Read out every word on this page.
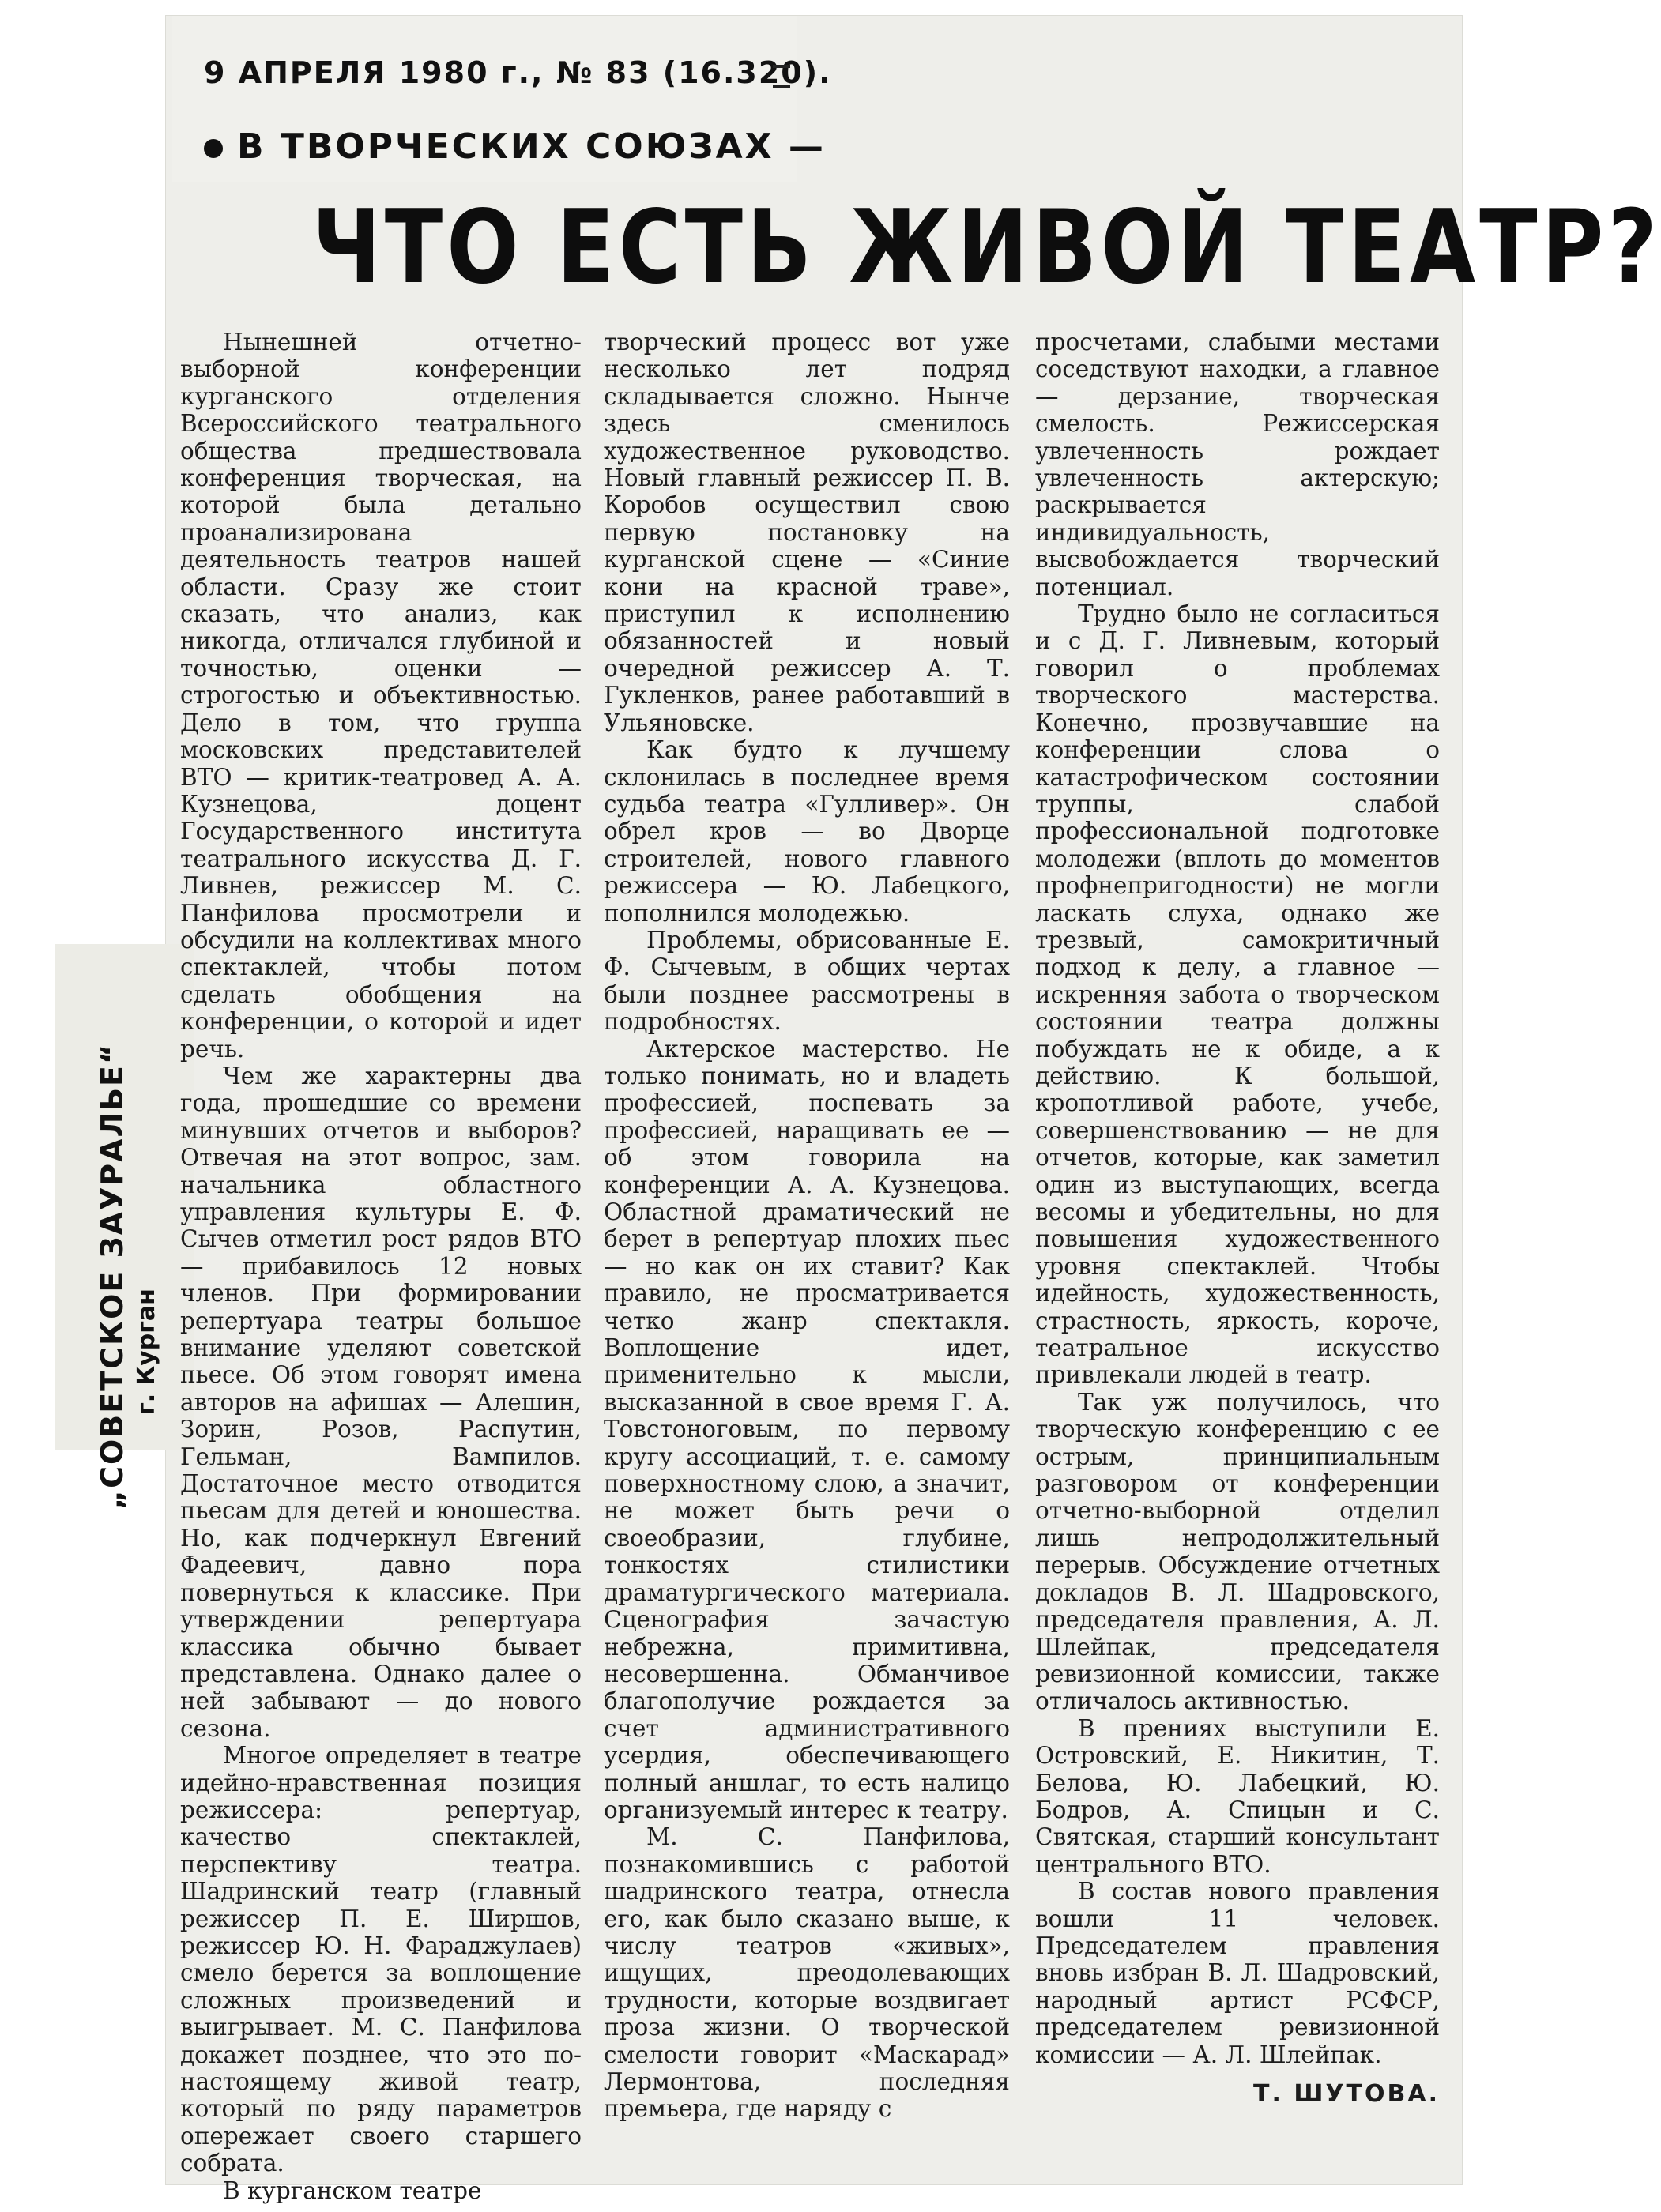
9 АПРЕЛЯ 1980 г., № 83 (16.320).
В ТВОРЧЕСКИХ СОЮЗАХ —
ЧТО ЕСТЬ ЖИВОЙ ТЕАТР?
„СОВЕТСКОЕ ЗАУРАЛЬЕ“ г. Курган

Нынешней отчетно-выборной конференции курганского отделения Всероссийского театрального общества предшествовала конференция творческая, на которой была детально проанализирована деятельность театров нашей области. Сразу же стоит сказать, что анализ, как никогда, отличался глубиной и точностью, оценки — строгостью и объективностью. Дело в том, что группа московских представителей ВТО — критик-театровед А. А. Кузнецова, доцент Государственного института театрального искусства Д. Г. Ливнев, режиссер М. С. Панфилова просмотрели и обсудили на коллективах много спектаклей, чтобы потом сделать обобщения на конференции, о которой и идет речь.

Чем же характерны два года, прошедшие со времени минувших отчетов и выборов? Отвечая на этот вопрос, зам. начальника областного управления культуры Е. Ф. Сычев отметил рост рядов ВТО — прибавилось 12 новых членов. При формировании репертуара театры большое внимание уделяют советской пьесе. Об этом говорят имена авторов на афишах — Алешин, Зорин, Розов, Распутин, Гельман, Вампилов. Достаточное место отводится пьесам для детей и юношества. Но, как подчеркнул Евгений Фадеевич, давно пора повернуться к классике. При утверждении репертуара классика обычно бывает представлена. Однако далее о ней забывают — до нового сезона.

Многое определяет в театре идейно-нравственная позиция режиссера: репертуар, качество спектаклей, перспективу театра. Шадринский театр (главный режиссер П. Е. Ширшов, режиссер Ю. Н. Фараджулаев) смело берется за воплощение сложных произведений и выигрывает. М. С. Панфилова докажет позднее, что это по-настоящему живой театр, который по ряду параметров опережает своего старшего собрата.

В курганском театре

творческий процесс вот уже несколько лет подряд складывается сложно. Нынче здесь сменилось художественное руководство. Новый главный режиссер П. В. Коробов осуществил свою первую постановку на курганской сцене — «Синие кони на красной траве», приступил к исполнению обязанностей и новый очередной режиссер А. Т. Гукленков, ранее работавший в Ульяновске.

Как будто к лучшему склонилась в последнее время судьба театра «Гулливер». Он обрел кров — во Дворце строителей, нового главного режиссера — Ю. Лабецкого, пополнился молодежью.

Проблемы, обрисованные Е. Ф. Сычевым, в общих чертах были позднее рассмотрены в подробностях.

Актерское мастерство. Не только понимать, но и владеть профессией, поспевать за профессией, наращивать ее — об этом говорила на конференции А. А. Кузнецова. Областной драматический не берет в репертуар плохих пьес — но как он их ставит? Как правило, не просматривается четко жанр спектакля. Воплощение идет, применительно к мысли, высказанной в свое время Г. А. Товстоноговым, по первому кругу ассоциаций, т. е. самому поверхностному слою, а значит, не может быть речи о своеобразии, глубине, тонкостях стилистики драматургического материала. Сценография зачастую небрежна, примитивна, несовершенна. Обманчивое благополучие рождается за счет административного усердия, обеспечивающего полный аншлаг, то есть налицо организуемый интерес к театру.

М. С. Панфилова, познакомившись с работой шадринского театра, отнесла его, как было сказано выше, к числу театров «живых», ищущих, преодолевающих трудности, которые воздвигает проза жизни. О творческой смелости говорит «Маскарад» Лермонтова, последняя премьера, где наряду с

просчетами, слабыми местами соседствуют находки, а главное — дерзание, творческая смелость. Режиссерская увлеченность рождает увлеченность актерскую; раскрывается индивидуальность, высвобождается творческий потенциал.

Трудно было не согласиться и с Д. Г. Ливневым, который говорил о проблемах творческого мастерства. Конечно, прозвучавшие на конференции слова о катастрофическом состоянии труппы, слабой профессиональной подготовке молодежи (вплоть до моментов профнепригодности) не могли ласкать слуха, однако же трезвый, самокритичный подход к делу, а главное — искренняя забота о творческом состоянии театра должны побуждать не к обиде, а к действию. К большой, кропотливой работе, учебе, совершенствованию — не для отчетов, которые, как заметил один из выступающих, всегда весомы и убедительны, но для повышения художественного уровня спектаклей. Чтобы идейность, художественность, страстность, яркость, короче, театральное искусство привлекали людей в театр.

Так уж получилось, что творческую конференцию с ее острым, принципиальным разговором от конференции отчетно-выборной отделил лишь непродолжительный перерыв. Обсуждение отчетных докладов В. Л. Шадровского, председателя правления, А. Л. Шлейпак, председателя ревизионной комиссии, также отличалось активностью.

В прениях выступили Е. Островский, Е. Никитин, Т. Белова, Ю. Лабецкий, Ю. Бодров, А. Спицын и С. Святская, старший консультант центрального ВТО.

В состав нового правления вошли 11 человек. Председателем правления вновь избран В. Л. Шадровский, народный артист РСФСР, председателем ревизионной комиссии — А. Л. Шлейпак.

Т. ШУТОВА.
